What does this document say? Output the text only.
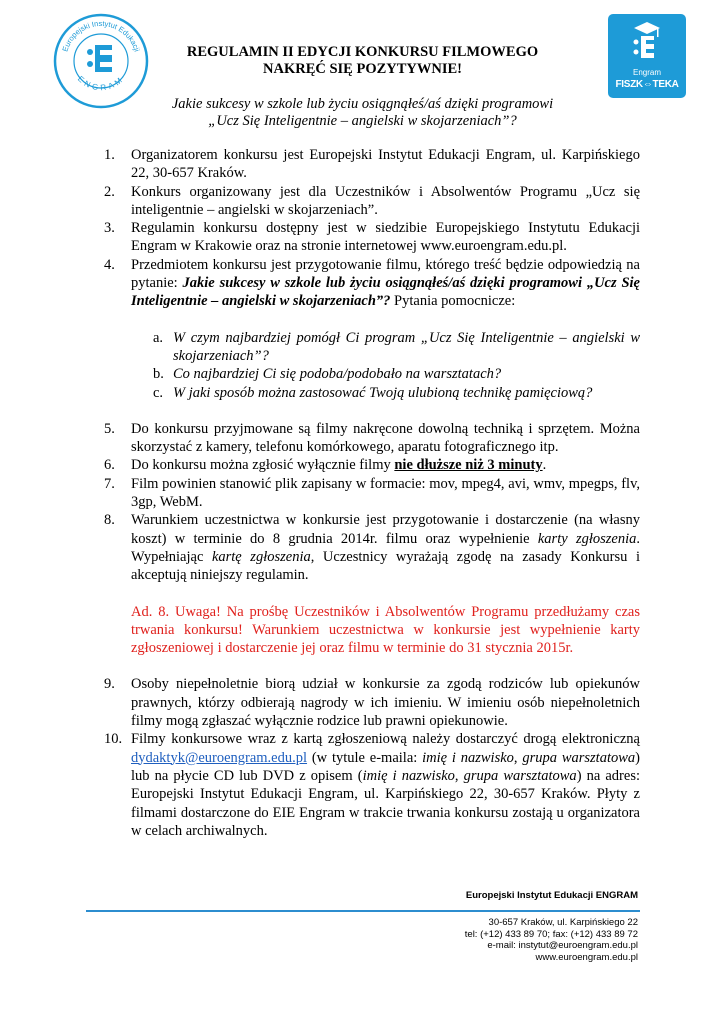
Europejski Instytut Edukacji
ENGRAM
Engram
FISZK⇔TEKA
REGULAMIN II EDYCJI KONKURSU FILMOWEGO
NAKRĘĆ SIĘ POZYTYWNIE!
Jakie sukcesy w szkole lub życiu osiągnąłeś/aś dzięki programowi
„Ucz Się Inteligentnie – angielski w skojarzeniach”?
1.	Organizatorem konkursu jest Europejski Instytut Edukacji Engram, ul. Karpińskiego 22, 30-657 Kraków.
2.	Konkurs organizowany jest dla Uczestników i Absolwentów Programu „Ucz się inteligentnie – angielski w skojarzeniach”.
3.	Regulamin konkursu dostępny jest w siedzibie Europejskiego Instytutu Edukacji Engram w Krakowie oraz na stronie internetowej www.euroengram.edu.pl.
4.	Przedmiotem konkursu jest przygotowanie filmu, którego treść będzie odpowiedzią na pytanie: Jakie sukcesy w szkole lub życiu osiągnąłeś/aś dzięki programowi „Ucz Się Inteligentnie – angielski w skojarzeniach”? Pytania pomocnicze:
a. W czym najbardziej pomógł Ci program „Ucz Się Inteligentnie – angielski w skojarzeniach”?
b. Co najbardziej Ci się podoba/podobało na warsztatach?
c. W jaki sposób można zastosować Twoją ulubioną technikę pamięciową?
5.	Do konkursu przyjmowane są filmy nakręcone dowolną techniką i sprzętem. Można skorzystać z kamery, telefonu komórkowego, aparatu fotograficznego itp.
6.	Do konkursu można zgłosić wyłącznie filmy nie dłuższe niż 3 minuty.
7.	Film powinien stanowić plik zapisany w formacie: mov, mpeg4, avi, wmv, mpegps, flv, 3gp, WebM.
8.	Warunkiem uczestnictwa w konkursie jest przygotowanie i dostarczenie (na własny koszt) w terminie do 8 grudnia 2014r. filmu oraz wypełnienie karty zgłoszenia. Wypełniając kartę zgłoszenia, Uczestnicy wyrażają zgodę na zasady Konkursu i akceptują niniejszy regulamin.
Ad. 8. Uwaga! Na prośbę Uczestników i Absolwentów Programu przedłużamy czas trwania konkursu! Warunkiem uczestnictwa w konkursie jest wypełnienie karty zgłoszeniowej i dostarczenie jej oraz filmu w terminie do 31 stycznia 2015r.
9.	Osoby niepełnoletnie biorą udział w konkursie za zgodą rodziców lub opiekunów prawnych, którzy odbierają nagrody w ich imieniu. W imieniu osób niepełnoletnich filmy mogą zgłaszać wyłącznie rodzice lub prawni opiekunowie.
10. Filmy konkursowe wraz z kartą zgłoszeniową należy dostarczyć drogą elektroniczną dydaktyk@euroengram.edu.pl (w tytule e-maila: imię i nazwisko, grupa warsztatowa) lub na płycie CD lub DVD z opisem (imię i nazwisko, grupa warsztatowa) na adres: Europejski Instytut Edukacji Engram, ul. Karpińskiego 22, 30-657 Kraków. Płyty z filmami dostarczone do EIE Engram w trakcie trwania konkursu zostają u organizatora w celach archiwalnych.
Europejski Instytut Edukacji ENGRAM
30-657 Kraków, ul. Karpińskiego 22
tel: (+12) 433 89 70; fax: (+12) 433 89 72
e-mail: instytut@euroengram.edu.pl
www.euroengram.edu.pl
